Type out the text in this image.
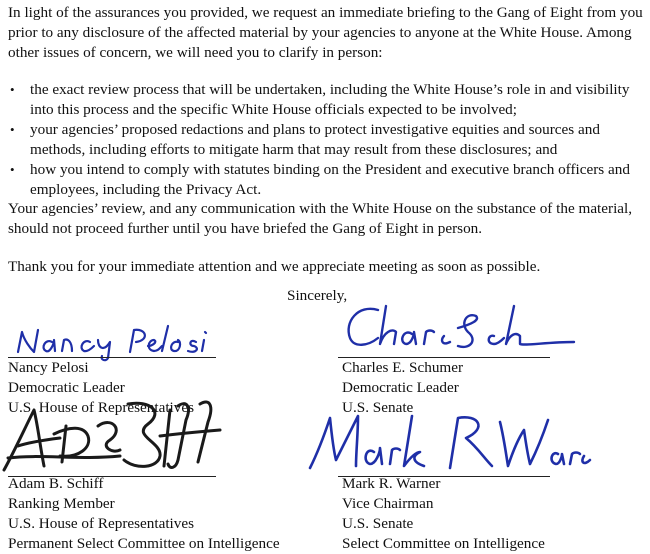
In light of the assurances you provided, we request an immediate briefing to the Gang of Eight from you prior to any disclosure of the affected material by your agencies to anyone at the White House. Among other issues of concern, we will need you to clarify in person:

• the exact review process that will be undertaken, including the White House’s role in and visibility into this process and the specific White House officials expected to be involved;
• your agencies’ proposed redactions and plans to protect investigative equities and sources and methods, including efforts to mitigate harm that may result from these disclosures; and
• how you intend to comply with statutes binding on the President and executive branch officers and employees, including the Privacy Act.

Your agencies’ review, and any communication with the White House on the substance of the material, should not proceed further until you have briefed the Gang of Eight in person.

Thank you for your immediate attention and we appreciate meeting as soon as possible.

Sincerely,

Nancy Pelosi

Democratic Leader

U.S. House of Representatives

Charles E. Schumer

Democratic Leader

U.S. Senate

Adam B. Schiff

Ranking Member

U.S. House of Representatives

Permanent Select Committee on Intelligence

Mark R. Warner

Vice Chairman

U.S. Senate

Select Committee on Intelligence
